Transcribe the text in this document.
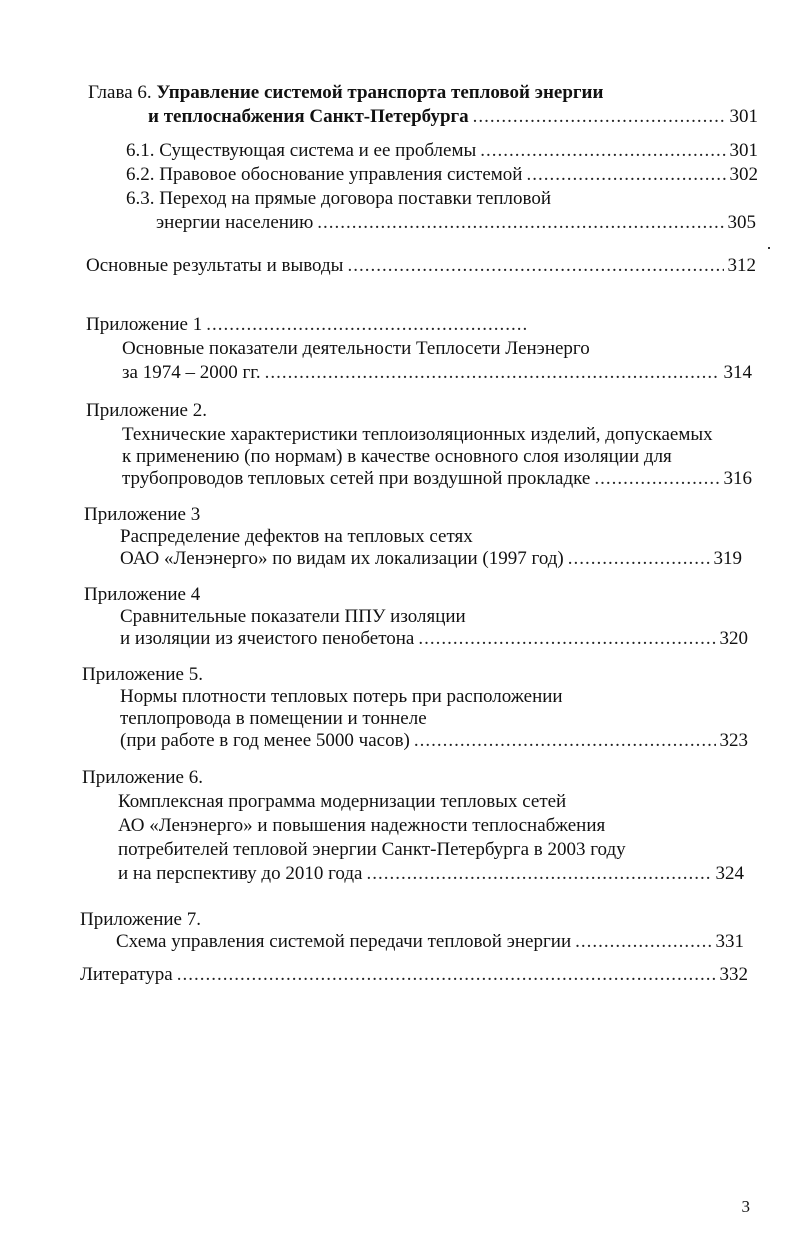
Глава 6. Управление системой транспорта тепловой энергии
и теплоснабжения Санкт-Петербурга .....	301
6.1. Существующая система и ее проблемы .....	301
6.2. Правовое обоснование управления системой .....	302
6.3. Переход на прямые договора поставки тепловой
энергии населению .....	305
Основные результаты и выводы .....	312
Приложение 1
.....
Основные показатели деятельности Теплосети Ленэнерго
за 1974 – 2000 гг. .....	314
Приложение 2.
Технические характеристики теплоизоляционных изделий, допускаемых
к применению (по нормам) в качестве основного слоя изоляции для
трубопроводов тепловых сетей при воздушной прокладке .....	316
Приложение 3
Распределение дефектов на тепловых сетях
ОАО «Ленэнерго» по видам их локализации (1997 год) .....	319
Приложение 4
Сравнительные показатели ППУ изоляции
и изоляции из ячеистого пенобетона .....	320
Приложение 5.
Нормы плотности тепловых потерь при расположении
теплопровода в помещении и тоннеле
(при работе в год менее 5000 часов) .....	323
Приложение 6.
Комплексная программа модернизации тепловых сетей
АО «Ленэнерго» и повышения надежности теплоснабжения
потребителей тепловой энергии Санкт-Петербурга в 2003 году
и на перспективу до 2010 года .....	324
Приложение 7.
Схема управления системой передачи тепловой энергии .....	331
Литература .....	332
3
